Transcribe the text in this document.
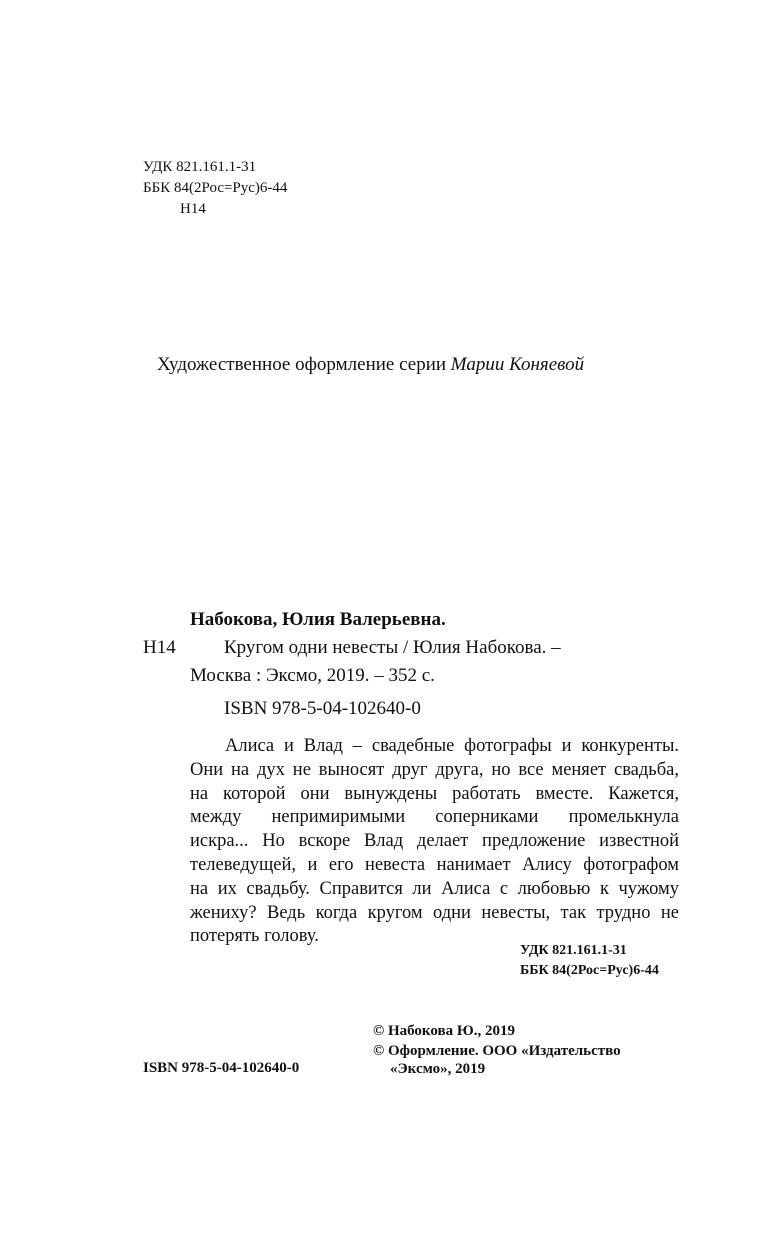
УДК 821.161.1-31

ББК 84(2Рос=Рус)6-44

Н14

Художественное оформление серии Марии Коняевой

Набокова, Юлия Валерьевна.

Н14	Кругом одни невесты / Юлия Набокова. –

Москва : Эксмо, 2019. – 352 с.

ISBN 978-5-04-102640-0

Алиса и Влад – свадебные фотографы и конкуренты.
Они на дух не выносят друг друга, но все меняет свадьба,
на которой они вынуждены работать вместе. Кажется,
между непримиримыми соперниками промелькнула
искра... Но вскоре Влад делает предложение известной
телеведущей, и его невеста нанимает Алису фотографом
на их свадьбу. Справится ли Алиса с любовью к чужому
жениху? Ведь когда кругом одни невесты, так трудно не
потерять голову.

УДК 821.161.1-31

ББК 84(2Рос=Рус)6-44

© Набокова Ю., 2019

© Оформление. ООО «Издательство

«Эксмо», 2019

ISBN 978-5-04-102640-0
